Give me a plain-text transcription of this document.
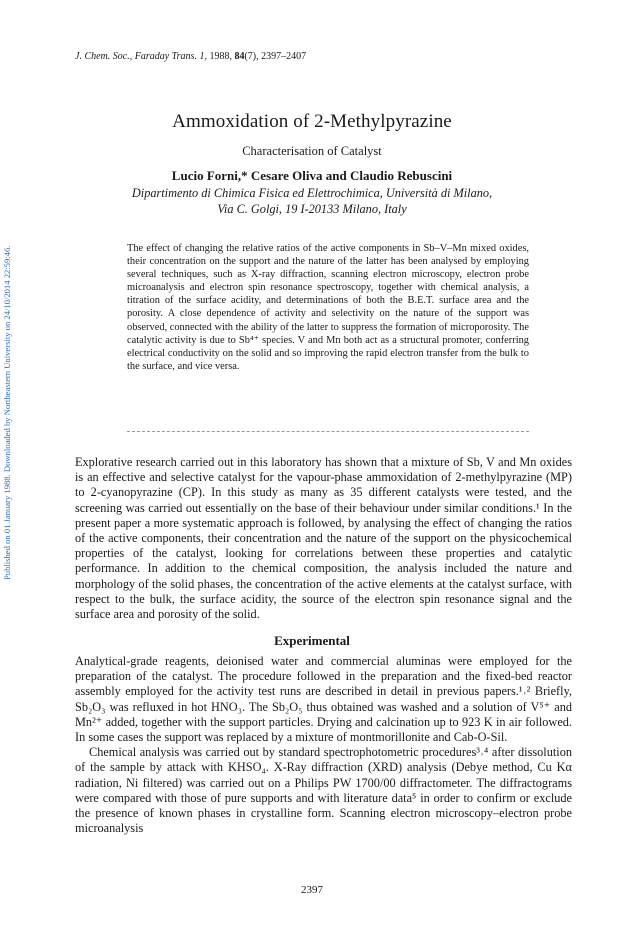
Published on 01 January 1988. Downloaded by Northeastern University on 24/10/2014 22:59:46.
J. Chem. Soc., Faraday Trans. 1, 1988, 84(7), 2397–2407
Ammoxidation of 2-Methylpyrazine
Characterisation of Catalyst
Lucio Forni,* Cesare Oliva and Claudio Rebuscini
Dipartimento di Chimica Fisica ed Elettrochimica, Università di Milano,
Via C. Golgi, 19 I-20133 Milano, Italy

The effect of changing the relative ratios of the active components in Sb–V–Mn mixed oxides, their concentration on the support and the nature of the latter has been analysed by employing several techniques, such as X-ray diffraction, scanning electron microscopy, electron probe microanalysis and electron spin resonance spectroscopy, together with chemical analysis, a titration of the surface acidity, and determinations of both the B.E.T. surface area and the porosity. A close dependence of activity and selectivity on the nature of the support was observed, connected with the ability of the latter to suppress the formation of microporosity. The catalytic activity is due to Sb⁴⁺ species. V and Mn both act as a structural promoter, conferring electrical conductivity on the solid and so improving the rapid electron transfer from the bulk to the surface, and vice versa.

Explorative research carried out in this laboratory has shown that a mixture of Sb, V and Mn oxides is an effective and selective catalyst for the vapour-phase ammoxidation of 2-methylpyrazine (MP) to 2-cyanopyrazine (CP). In this study as many as 35 different catalysts were tested, and the screening was carried out essentially on the base of their behaviour under similar conditions.¹ In the present paper a more systematic approach is followed, by analysing the effect of changing the ratios of the active components, their concentration and the nature of the support on the physicochemical properties of the catalyst, looking for correlations between these properties and catalytic performance. In addition to the chemical composition, the analysis included the nature and morphology of the solid phases, the concentration of the active elements at the catalyst surface, with respect to the bulk, the surface acidity, the source of the electron spin resonance signal and the surface area and porosity of the solid.

Experimental

Analytical-grade reagents, deionised water and commercial aluminas were employed for the preparation of the catalyst. The procedure followed in the preparation and the fixed-bed reactor assembly employed for the activity test runs are described in detail in previous papers.¹˒² Briefly, Sb₂O₃ was refluxed in hot HNO₃. The Sb₂O₅ thus obtained was washed and a solution of V⁵⁺ and Mn²⁺ added, together with the support particles. Drying and calcination up to 923 K in air followed. In some cases the support was replaced by a mixture of montmorillonite and Cab-O-Sil.

Chemical analysis was carried out by standard spectrophotometric procedures³˒⁴ after dissolution of the sample by attack with KHSO₄. X-Ray diffraction (XRD) analysis (Debye method, Cu Kα radiation, Ni filtered) was carried out on a Philips PW 1700/00 diffractometer. The diffractograms were compared with those of pure supports and with literature data⁵ in order to confirm or exclude the presence of known phases in crystalline form. Scanning electron microscopy–electron probe microanalysis

2397
